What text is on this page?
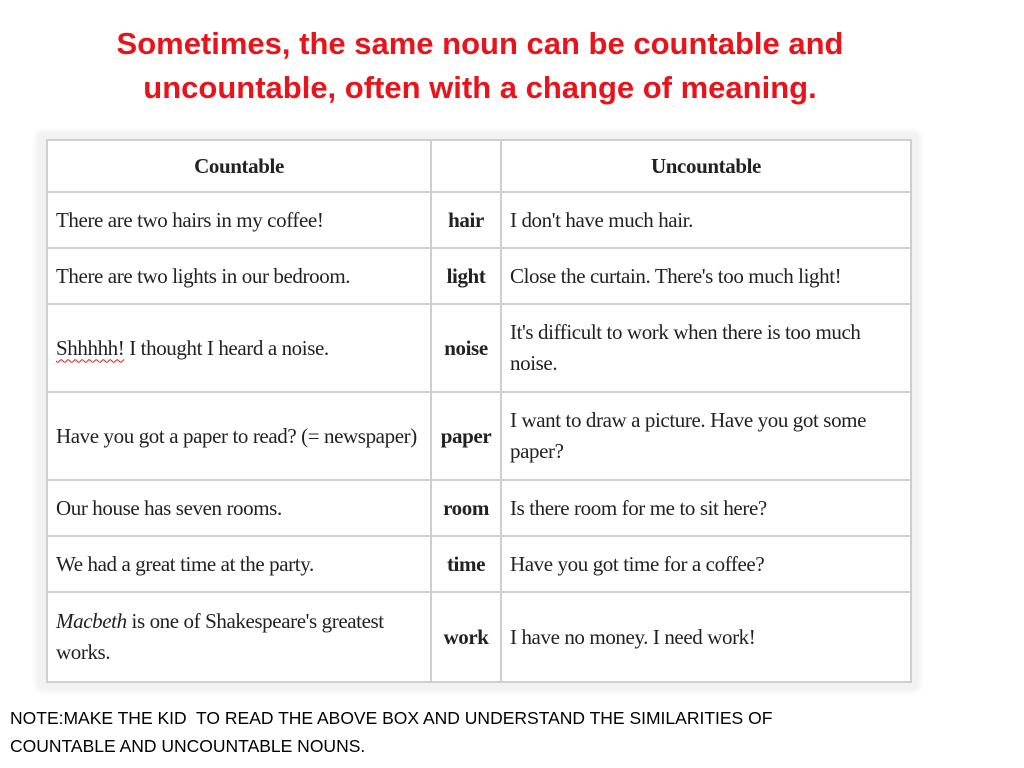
Sometimes, the same noun can be countable and
uncountable, often with a change of meaning.
Countable		Uncountable
There are two hairs in my coffee!	hair	I don't have much hair.
There are two lights in our bedroom.	light	Close the curtain. There's too much light!
Shhhhh! I thought I heard a noise.	noise	It's difficult to work when there is too much noise.
Have you got a paper to read? (= newspaper)	paper	I want to draw a picture. Have you got some paper?
Our house has seven rooms.	room	Is there room for me to sit here?
We had a great time at the party.	time	Have you got time for a coffee?
Macbeth is one of Shakespeare's greatest works.	work	I have no money. I need work!
NOTE:MAKE THE KID  TO READ THE ABOVE BOX AND UNDERSTAND THE SIMILARITIES OF
COUNTABLE AND UNCOUNTABLE NOUNS.
